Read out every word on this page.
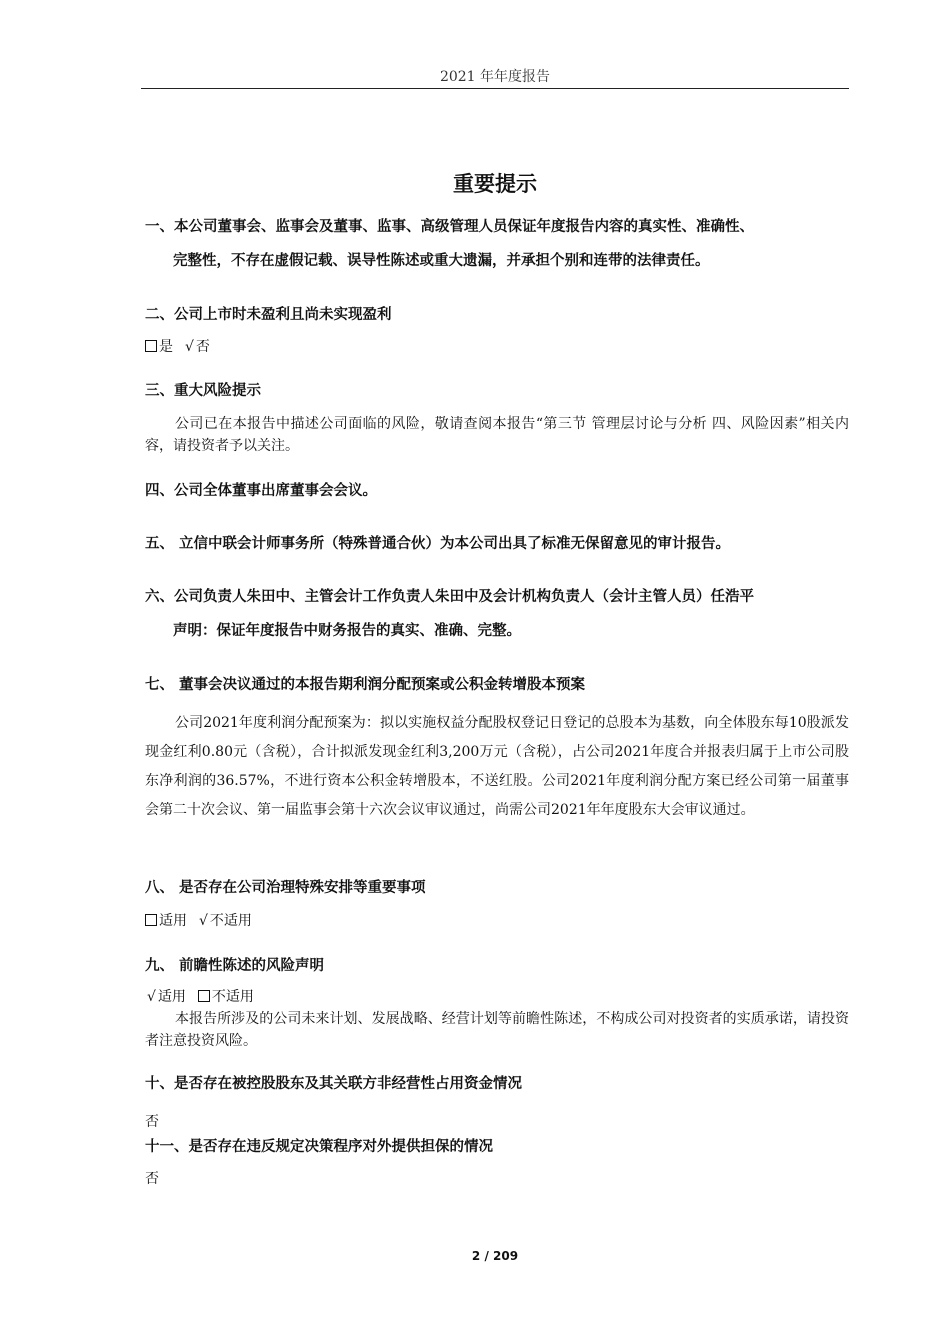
2021 年年度报告
重要提示
一、本公司董事会、监事会及董事、监事、高级管理人员保证年度报告内容的真实性、准确性、
完整性，不存在虚假记载、误导性陈述或重大遗漏，并承担个别和连带的法律责任。
二、公司上市时未盈利且尚未实现盈利
是 √ 否
三、重大风险提示
公司已在本报告中描述公司面临的风险，敬请查阅本报告“第三节 管理层讨论与分析 四、风险因素”相关内容，请投资者予以关注。
四、公司全体董事出席董事会会议。
五、 立信中联会计师事务所（特殊普通合伙）为本公司出具了标准无保留意见的审计报告。
六、公司负责人朱田中、主管会计工作负责人朱田中及会计机构负责人（会计主管人员）任浩平
声明：保证年度报告中财务报告的真实、准确、完整。
七、 董事会决议通过的本报告期利润分配预案或公积金转增股本预案
公司2021年度利润分配预案为：拟以实施权益分配股权登记日登记的总股本为基数，向全体股东每10股派发现金红利0.80元（含税），合计拟派发现金红利3,200万元（含税），占公司2021年度合并报表归属于上市公司股东净利润的36.57%，不进行资本公积金转增股本，不送红股。公司2021年度利润分配方案已经公司第一届董事会第二十次会议、第一届监事会第十六次会议审议通过，尚需公司2021年年度股东大会审议通过。
八、 是否存在公司治理特殊安排等重要事项
适用 √ 不适用
九、 前瞻性陈述的风险声明
√ 适用 不适用
本报告所涉及的公司未来计划、发展战略、经营计划等前瞻性陈述，不构成公司对投资者的实质承诺，请投资者注意投资风险。
十、是否存在被控股股东及其关联方非经营性占用资金情况
否
十一、是否存在违反规定决策程序对外提供担保的情况
否
2 / 209
